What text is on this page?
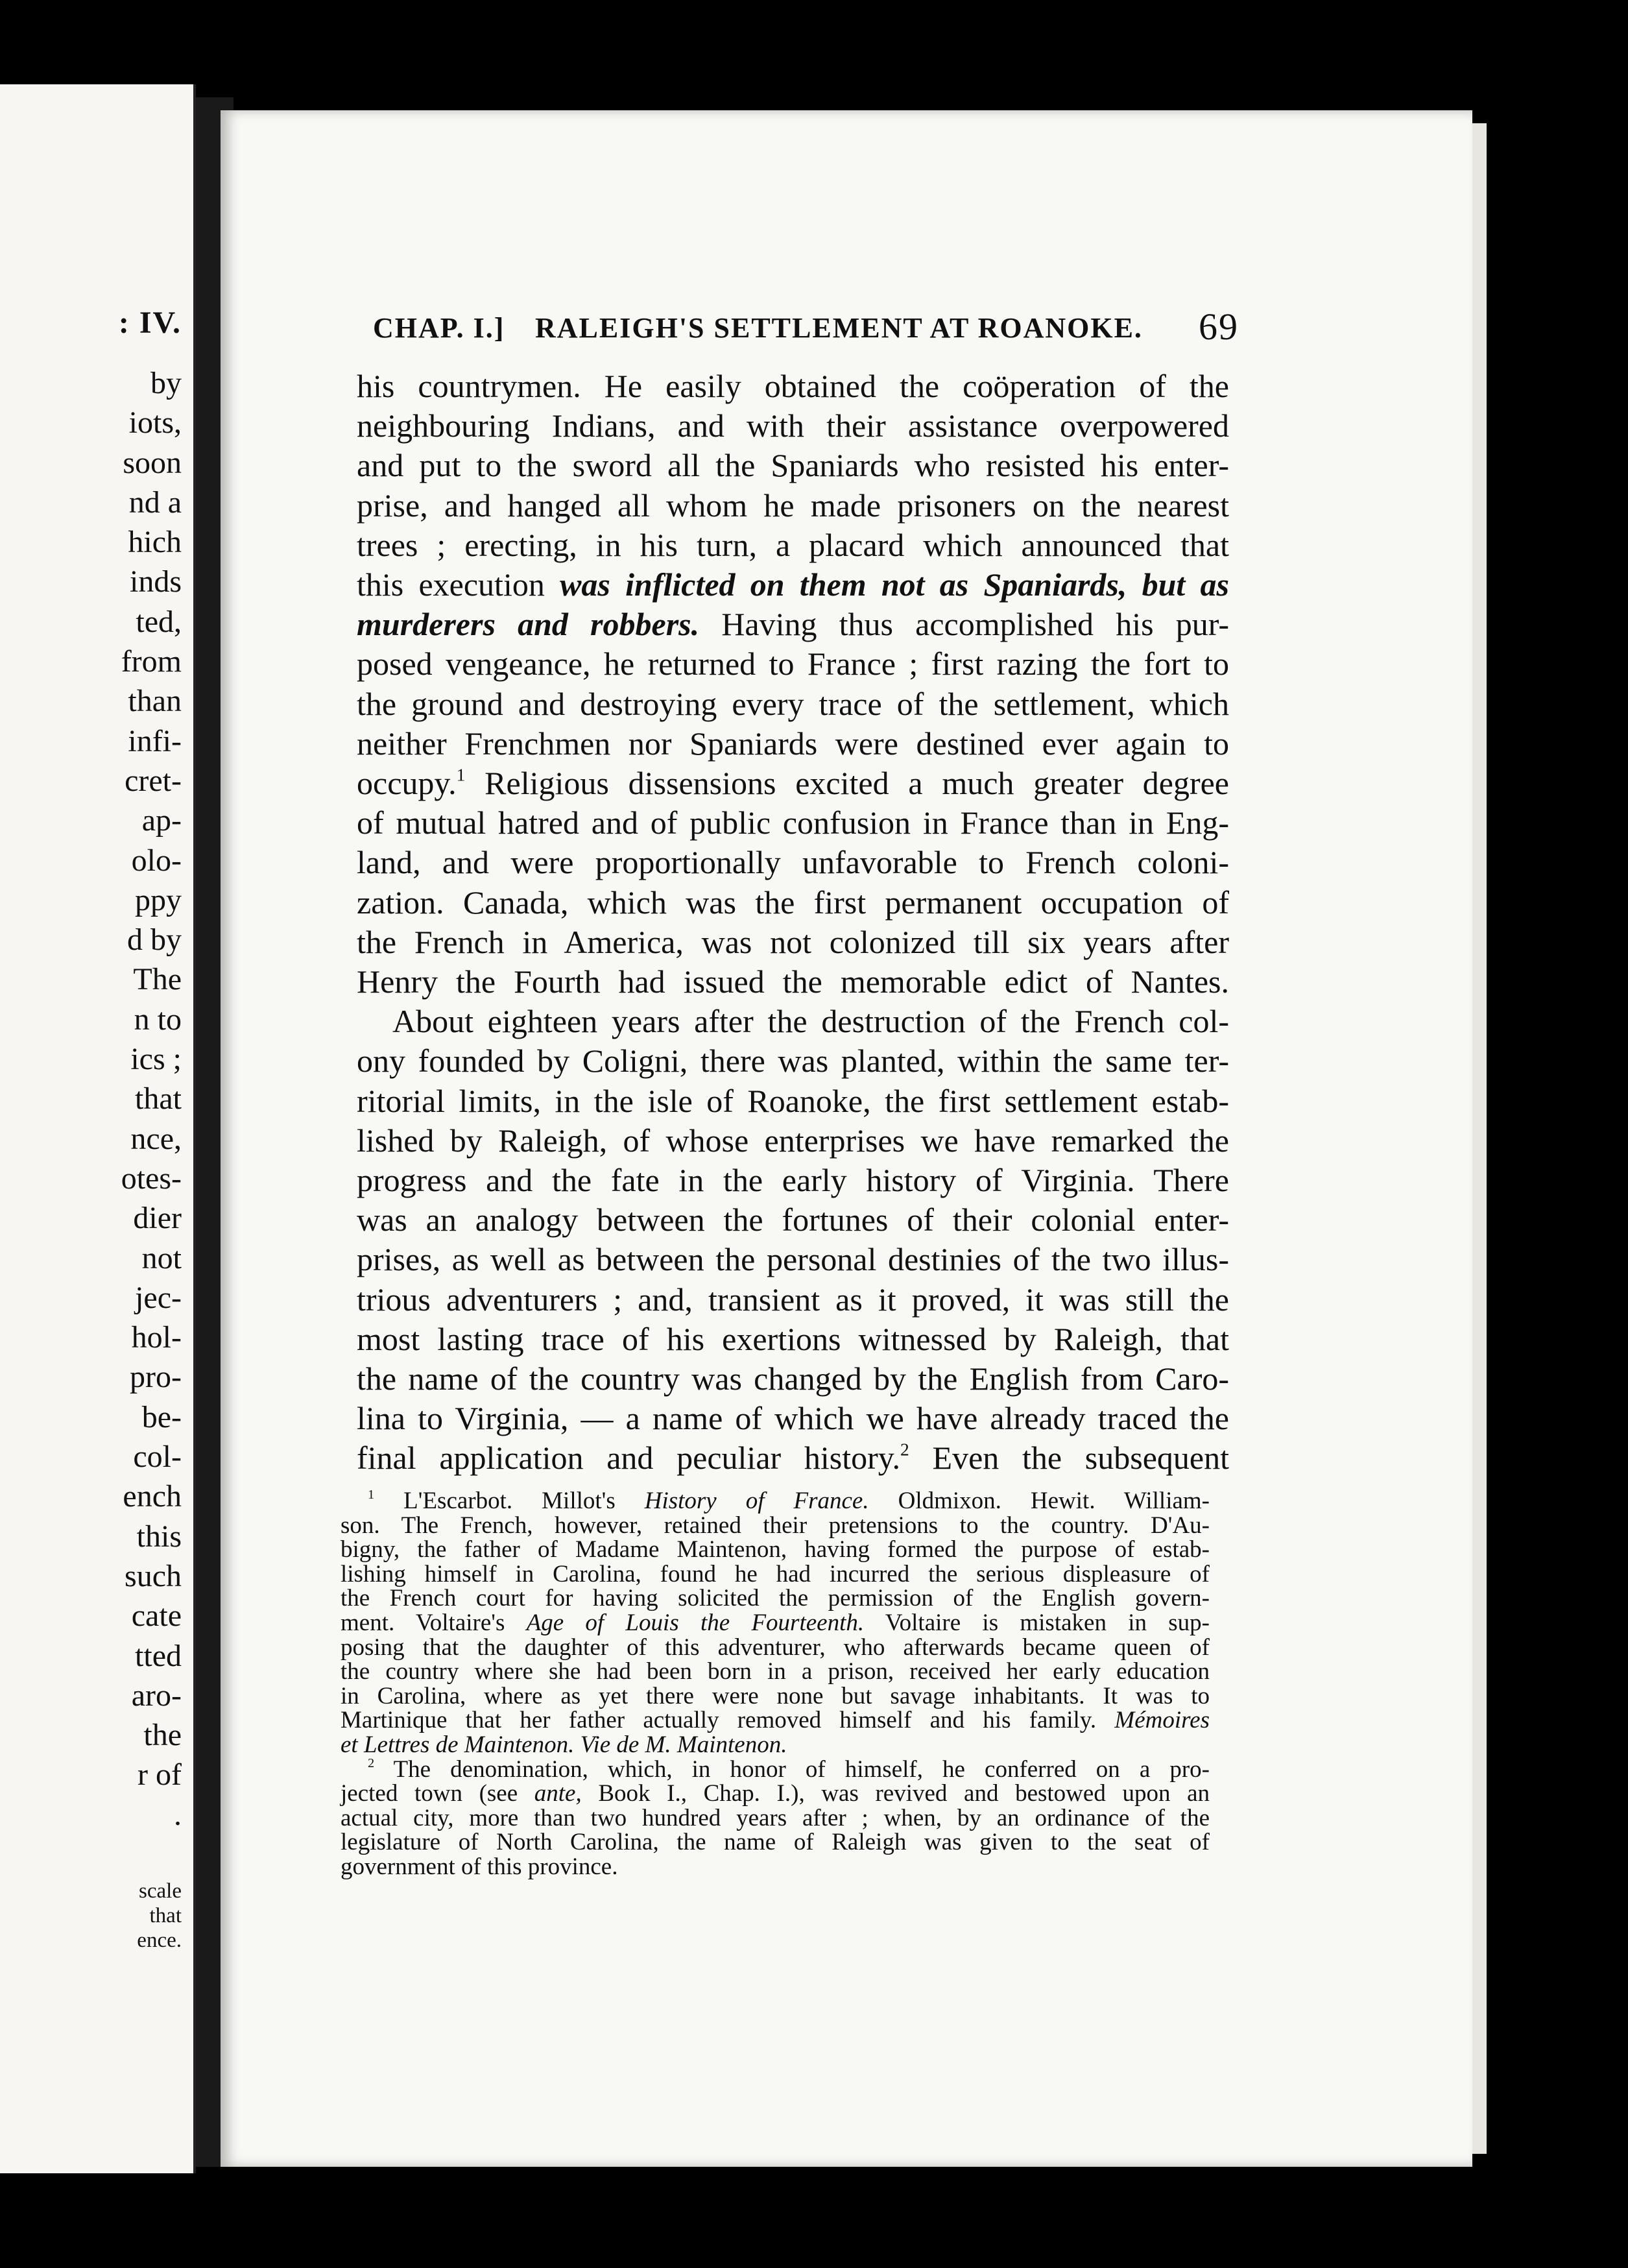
: IV.
by
iots,
soon
nd a
hich
inds
ted,
from
than
infi-
cret-
ap-
olo-
ppy
d by
The
n to
ics ;
that
nce,
otes-
dier
not
jec-
hol-
pro-
be-
col-
ench
this
such
cate
tted
aro-
the
r of
.
scale
that
ence.
CHAP. I.] RALEIGH'S SETTLEMENT AT ROANOKE. 69
his countrymen. He easily obtained the coöperation of the
neighbouring Indians, and with their assistance overpowered
and put to the sword all the Spaniards who resisted his enter-
prise, and hanged all whom he made prisoners on the nearest
trees ; erecting, in his turn, a placard which announced that
this execution was inflicted on them not as Spaniards, but as
murderers and robbers. Having thus accomplished his pur-
posed vengeance, he returned to France ; first razing the fort to
the ground and destroying every trace of the settlement, which
neither Frenchmen nor Spaniards were destined ever again to
occupy.$^1$ Religious dissensions excited a much greater degree
of mutual hatred and of public confusion in France than in Eng-
land, and were proportionally unfavorable to French coloni-
zation. Canada, which was the first permanent occupation of
the French in America, was not colonized till six years after
Henry the Fourth had issued the memorable edict of Nantes.
About eighteen years after the destruction of the French col-
ony founded by Coligni, there was planted, within the same ter-
ritorial limits, in the isle of Roanoke, the first settlement estab-
lished by Raleigh, of whose enterprises we have remarked the
progress and the fate in the early history of Virginia. There
was an analogy between the fortunes of their colonial enter-
prises, as well as between the personal destinies of the two illus-
trious adventurers ; and, transient as it proved, it was still the
most lasting trace of his exertions witnessed by Raleigh, that
the name of the country was changed by the English from Caro-
lina to Virginia, — a name of which we have already traced the
final application and peculiar history.$^2$ Even the subsequent
$^1$ L'Escarbot. Millot's History of France. Oldmixon. Hewit. William-
son. The French, however, retained their pretensions to the country. D'Au-
bigny, the father of Madame Maintenon, having formed the purpose of estab-
lishing himself in Carolina, found he had incurred the serious displeasure of
the French court for having solicited the permission of the English govern-
ment. Voltaire's Age of Louis the Fourteenth. Voltaire is mistaken in sup-
posing that the daughter of this adventurer, who afterwards became queen of
the country where she had been born in a prison, received her early education
in Carolina, where as yet there were none but savage inhabitants. It was to
Martinique that her father actually removed himself and his family. Mémoires
et Lettres de Maintenon. Vie de M. Maintenon.
$^2$ The denomination, which, in honor of himself, he conferred on a pro-
jected town (see ante, Book I., Chap. I.), was revived and bestowed upon an
actual city, more than two hundred years after ; when, by an ordinance of the
legislature of North Carolina, the name of Raleigh was given to the seat of
government of this province.
